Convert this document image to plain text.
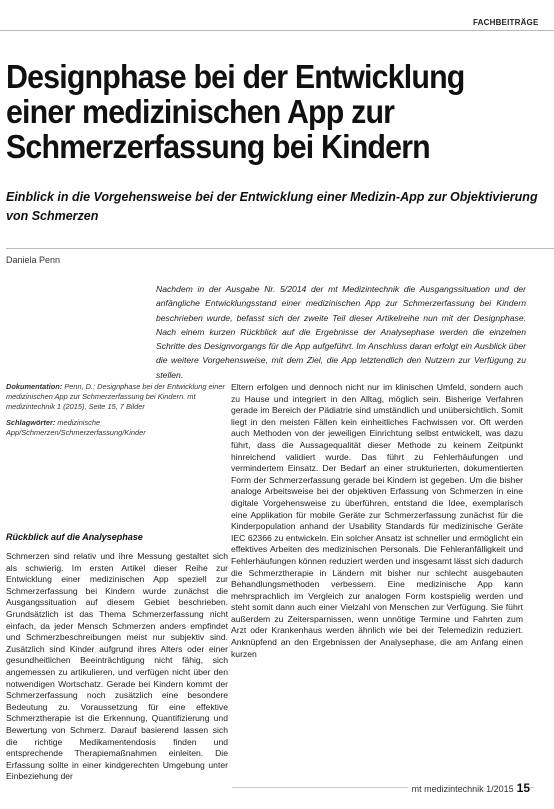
FACHBEITRÄGE
Designphase bei der Entwicklung einer medizinischen App zur Schmerzerfassung bei Kindern
Einblick in die Vorgehensweise bei der Entwicklung einer Medizin-App zur Objektivierung von Schmerzen
Daniela Penn

Nachdem in der Ausgabe Nr. 5/2014 der mt Medizintechnik die Ausgangssituation und der anfängliche Entwicklungsstand einer medizinischen App zur Schmerzerfassung bei Kindern beschrieben wurde, befasst sich der zweite Teil dieser Artikelreihe nun mit der Designphase. Nach einem kurzen Rückblick auf die Ergebnisse der Analysephase werden die einzelnen Schritte des Designvorgangs für die App aufgeführt. Im Anschluss daran erfolgt ein Ausblick über die weitere Vorgehensweise, mit dem Ziel, die App letztendlich den Nutzern zur Verfügung zu stellen.

Dokumentation: Penn, D.: Designphase bei der Entwicklung einer medizinischen App zur Schmerzerfassung bei Kindern. mt medizintechnik 1 (2015), Seite 15, 7 Bilder

Schlagwörter: medizinische App/Schmerzen/Schmerzerfassung/Kinder

Rückblick auf die Analysephase

Schmerzen sind relativ und ihre Messung gestaltet sich als schwierig. Im ersten Artikel dieser Reihe zur Entwicklung einer medizinischen App speziell zur Schmerzerfassung bei Kindern wurde zunächst die Ausgangssituation auf diesem Gebiet beschrieben. Grundsätzlich ist das Thema Schmerzerfassung nicht einfach, da jeder Mensch Schmerzen anders empfindet und Schmerzbeschreibungen meist nur subjektiv sind. Zusätzlich sind Kinder aufgrund ihres Alters oder einer gesundheitlichen Beeinträchtigung nicht fähig, sich angemessen zu artikulieren, und verfügen nicht über den notwendigen Wortschatz. Gerade bei Kindern kommt der Schmerzerfassung noch zusätzlich eine besondere Bedeutung zu. Voraussetzung für eine effektive Schmerztherapie ist die Erkennung, Quantifizierung und Bewertung von Schmerz. Darauf basierend lassen sich die richtige Medikamentendosis finden und entsprechende Therapiemaßnahmen einleiten. Die Erfassung sollte in einer kindgerechten Umgebung unter Einbeziehung der

Eltern erfolgen und dennoch nicht nur im klinischen Umfeld, sondern auch zu Hause und integriert in den Alltag, möglich sein. Bisherige Verfahren gerade im Bereich der Pädiatrie sind umständlich und unübersichtlich. Somit liegt in den meisten Fällen kein einheitliches Fachwissen vor. Oft werden auch Methoden von der jeweiligen Einrichtung selbst entwickelt, was dazu führt, dass die Aussagequalität dieser Methode zu keinem Zeitpunkt hinreichend validiert wurde. Das führt zu Fehlerhäufungen und vermindertem Einsatz. Der Bedarf an einer strukturierten, dokumentierten Form der Schmerzerfassung gerade bei Kindern ist gegeben. Um die bisher analoge Arbeitsweise bei der objektiven Erfassung von Schmerzen in eine digitale Vorgehensweise zu überführen, entstand die Idee, exemplarisch eine Applikation für mobile Geräte zur Schmerzerfassung zunächst für die Kinderpopulation anhand der Usability Standards für medizinische Geräte IEC 62366 zu entwickeln. Ein solcher Ansatz ist schneller und ermöglicht ein effektives Arbeiten des medizinischen Personals. Die Fehleranfälligkeit und Fehlerhäufungen können reduziert werden und insgesamt lässt sich dadurch die Schmerztherapie in Ländern mit bisher nur schlecht ausgebauten Behandlungsmethoden verbessern. Eine medizinische App kann mehrsprachlich im Vergleich zur analogen Form kostspielig werden und steht somit dann auch einer Vielzahl von Menschen zur Verfügung. Sie führt außerdem zu Zeitersparnissen, wenn unnötige Termine und Fahrten zum Arzt oder Krankenhaus werden ähnlich wie bei der Telemedizin reduziert. Anknüpfend an den Ergebnissen der Analysephase, die am Anfang einen kurzen

mt medizintechnik 1/2015 15
